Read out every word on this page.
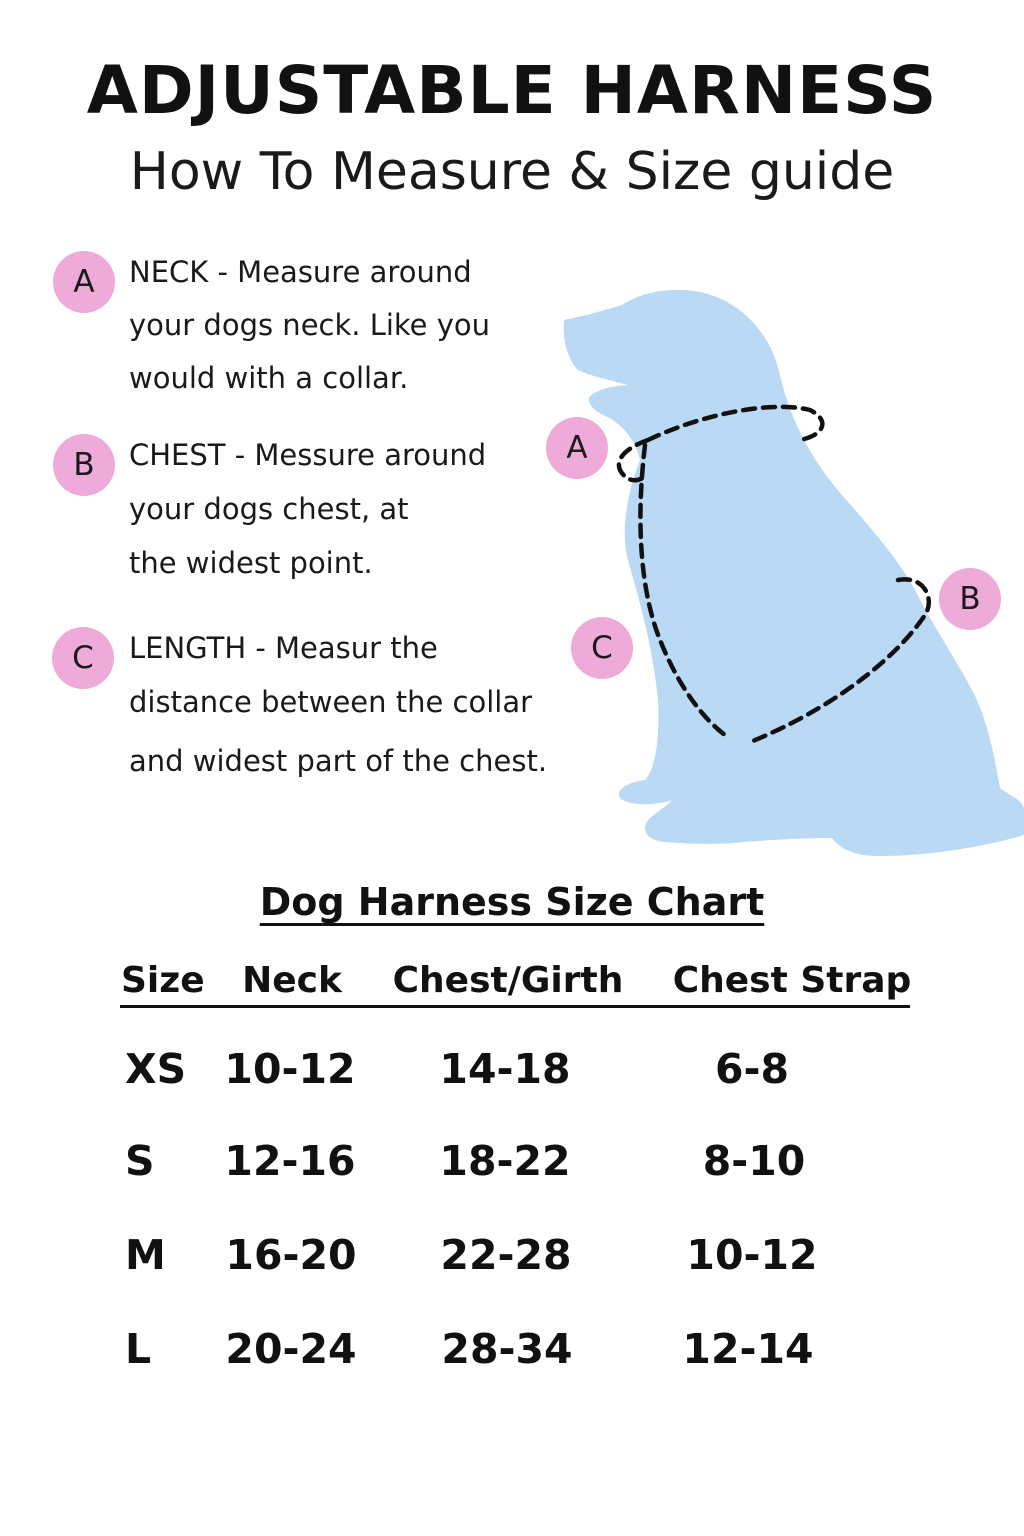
ADJUSTABLE HARNESS
How To Measure & Size guide
A	NECK - Measure around
your dogs neck. Like you
would with a collar.
B	CHEST - Messure around
your dogs chest, at
the widest point.
C	LENGTH - Measur the
distance between the collar
and widest part of the chest.
A
B
C
Dog Harness Size Chart
Size Neck Chest/Girth Chest Strap
XS 10-12 14-18	6-8
S 12-16 18-22	8-10
M 16-20 22-28	10-12
L 20-24 28-34	12-14
